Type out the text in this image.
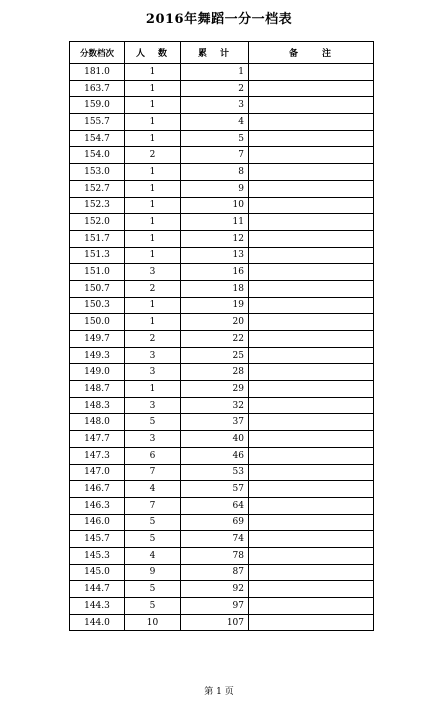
2016年舞蹈一分一档表
分数档次	人　数	累　计	备　　注
181.0	1	1	
163.7	1	2	
159.0	1	3	
155.7	1	4	
154.7	1	5	
154.0	2	7	
153.0	1	8	
152.7	1	9	
152.3	1	10	
152.0	1	11	
151.7	1	12	
151.3	1	13	
151.0	3	16	
150.7	2	18	
150.3	1	19	
150.0	1	20	
149.7	2	22	
149.3	3	25	
149.0	3	28	
148.7	1	29	
148.3	3	32	
148.0	5	37	
147.7	3	40	
147.3	6	46	
147.0	7	53	
146.7	4	57	
146.3	7	64	
146.0	5	69	
145.7	5	74	
145.3	4	78	
145.0	9	87	
144.7	5	92	
144.3	5	97	
144.0	10	107	
第 1 页
